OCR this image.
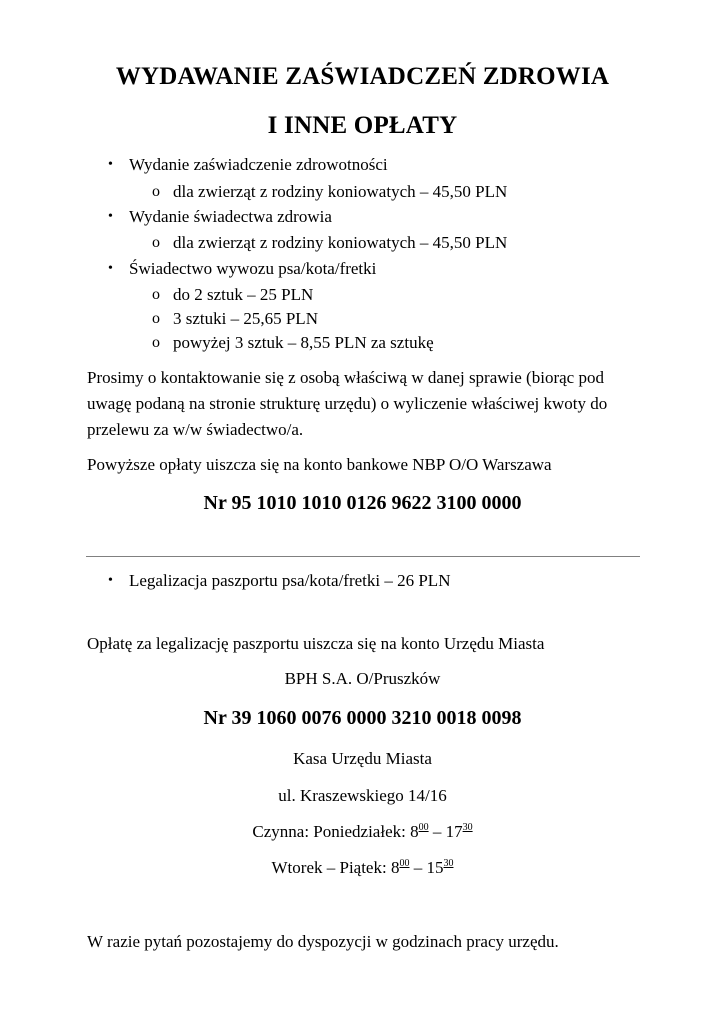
WYDAWANIE ZAŚWIADCZEŃ ZDROWIA
I INNE OPŁATY
• Wydanie zaświadczenie zdrowotności
o dla zwierząt z rodziny koniowatych – 45,50 PLN
• Wydanie świadectwa zdrowia
o dla zwierząt z rodziny koniowatych – 45,50 PLN
• Świadectwo wywozu psa/kota/fretki
o do 2 sztuk – 25 PLN
o 3 sztuki – 25,65 PLN
o powyżej 3 sztuk – 8,55 PLN za sztukę
Prosimy o kontaktowanie się z osobą właściwą w danej sprawie (biorąc pod uwagę podaną na stronie strukturę urzędu) o wyliczenie właściwej kwoty do przelewu za w/w świadectwo/a.
Powyższe opłaty uiszcza się na konto bankowe NBP O/O Warszawa
Nr 95 1010 1010 0126 9622 3100 0000
• Legalizacja paszportu psa/kota/fretki – 26 PLN
Opłatę za legalizację paszportu uiszcza się na konto Urzędu Miasta
BPH S.A. O/Pruszków
Nr 39 1060 0076 0000 3210 0018 0098
Kasa Urzędu Miasta
ul. Kraszewskiego 14/16
Czynna: Poniedziałek: $8^{00} - 17^{30}$
Wtorek – Piątek: $8^{00} - 15^{30}$
W razie pytań pozostajemy do dyspozycji w godzinach pracy urzędu.
